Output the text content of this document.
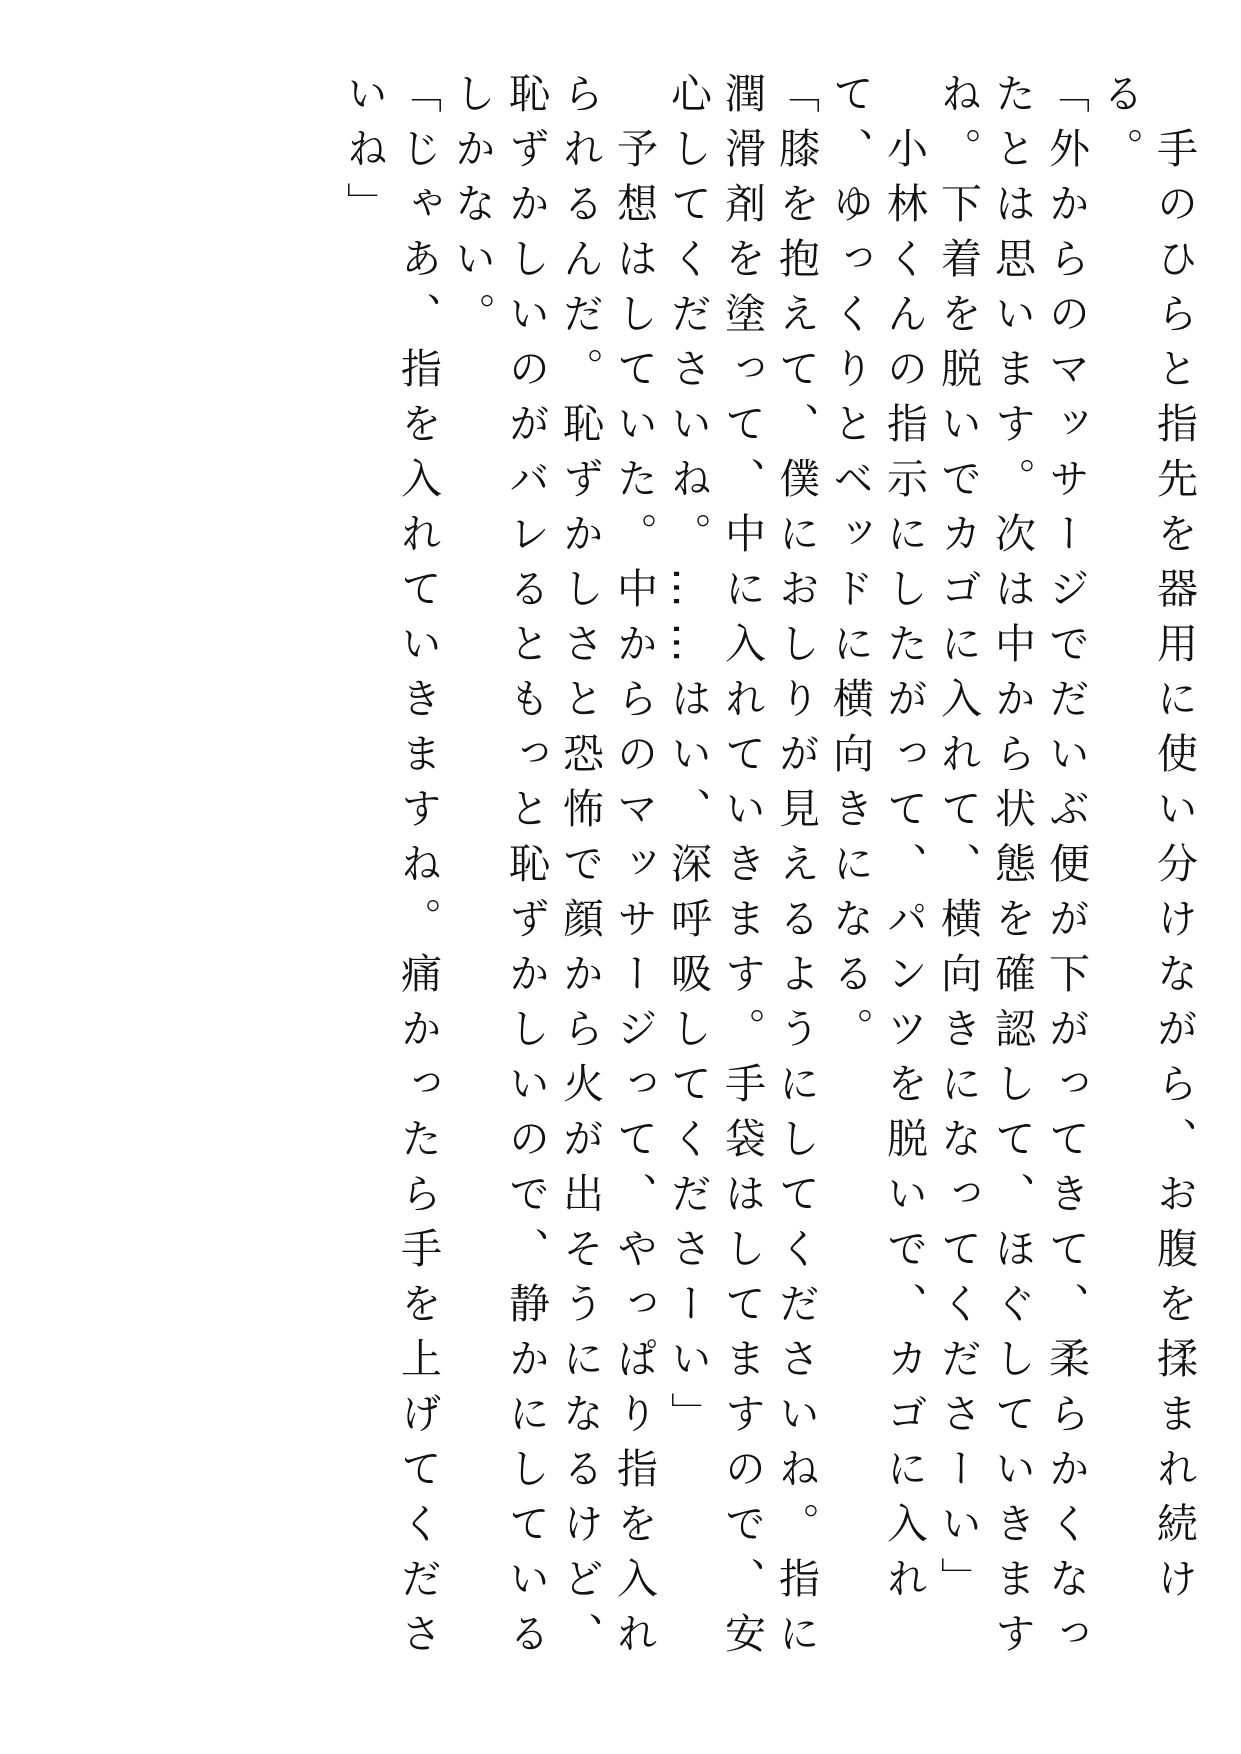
手のひらと指先を器用に使い分けながら、お腹を揉まれ続ける。

「外からのマッサージでだいぶ便が下がってきて、柔らかくなったとは思います。次は中から状態を確認して、ほぐしていきますね。下着を脱いでカゴに入れて、横向きになってくださーい」

小林くんの指示にしたがって、パンツを脱いで、カゴに入れて、ゆっくりとベッドに横向きになる。

「膝を抱えて、僕におしりが見えるようにしてくださいね。指に潤滑剤を塗って、中に入れていきます。手袋はしてますので、安心してくださいね。……はい、深呼吸してくださーい」

予想はしていた。中からのマッサージって、やっぱり指を入れられるんだ。恥ずかしさと恐怖で顔から火が出そうになるけど、恥ずかしいのがバレるともっと恥ずかしいので、静かにしているしかない。

「じゃあ、指を入れていきますね。痛かったら手を上げてくださいね」
